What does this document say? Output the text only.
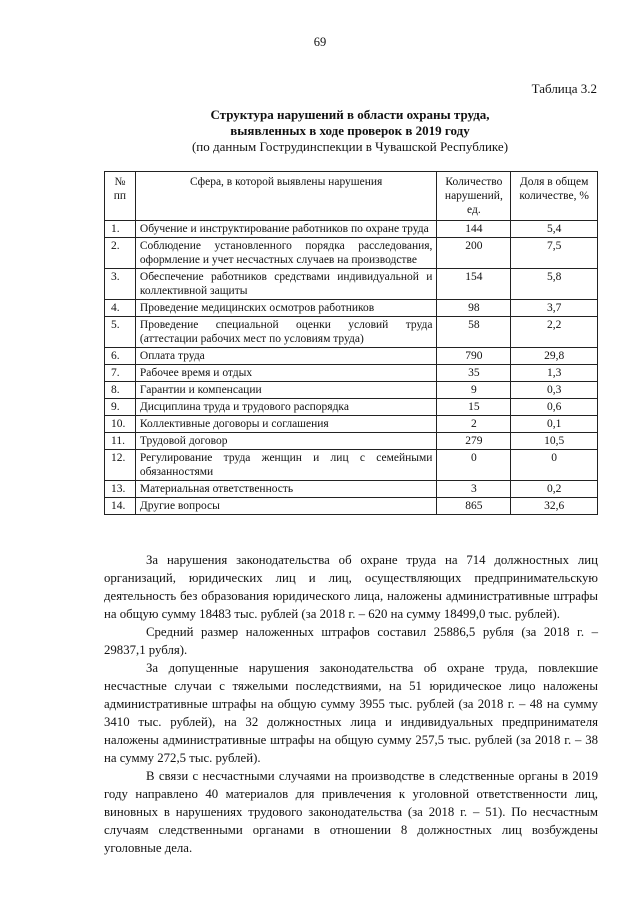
69
Таблица 3.2
Структура нарушений в области охраны труда,
выявленных в ходе проверок в 2019 году
(по данным Гострудинспекции в Чувашской Республике)
№ пп	Сфера, в которой выявлены нарушения	Количество нарушений, ед.	Доля в общем количестве, %
1.	Обучение и инструктирование работников по охране труда	144	5,4
2.	Соблюдение установленного порядка расследования, оформление и учет несчастных случаев на производстве	200	7,5
3.	Обеспечение работников средствами индивидуальной и коллективной защиты	154	5,8
4.	Проведение медицинских осмотров работников	98	3,7
5.	Проведение специальной оценки условий труда (аттестации рабочих мест по условиям труда)	58	2,2
6.	Оплата труда	790	29,8
7.	Рабочее время и отдых	35	1,3
8.	Гарантии и компенсации	9	0,3
9.	Дисциплина труда и трудового распорядка	15	0,6
10.	Коллективные договоры и соглашения	2	0,1
11.	Трудовой договор	279	10,5
12.	Регулирование труда женщин и лиц с семейными обязанностями	0	0
13.	Материальная ответственность	3	0,2
14.	Другие вопросы	865	32,6

За нарушения законодательства об охране труда на 714 должностных лиц организаций, юридических лиц и лиц, осуществляющих предпринимательскую деятельность без образования юридического лица, наложены административные штрафы на общую сумму 18483 тыс. рублей (за 2018 г. – 620 на сумму 18499,0 тыс. рублей).

Средний размер наложенных штрафов составил 25886,5 рубля (за 2018 г. – 29837,1 рубля).

За допущенные нарушения законодательства об охране труда, повлекшие несчастные случаи с тяжелыми последствиями, на 51 юридическое лицо наложены административные штрафы на общую сумму 3955 тыс. рублей (за 2018 г. – 48 на сумму 3410 тыс. рублей), на 32 должностных лица и индивидуальных предпринимателя наложены административные штрафы на общую сумму 257,5 тыс. рублей (за 2018 г. – 38 на сумму 272,5 тыс. рублей).

В связи с несчастными случаями на производстве в следственные органы в 2019 году направлено 40 материалов для привлечения к уголовной ответственности лиц, виновных в нарушениях трудового законодательства (за 2018 г. – 51). По несчастным случаям следственными органами в отношении 8 должностных лиц возбуждены уголовные дела.
